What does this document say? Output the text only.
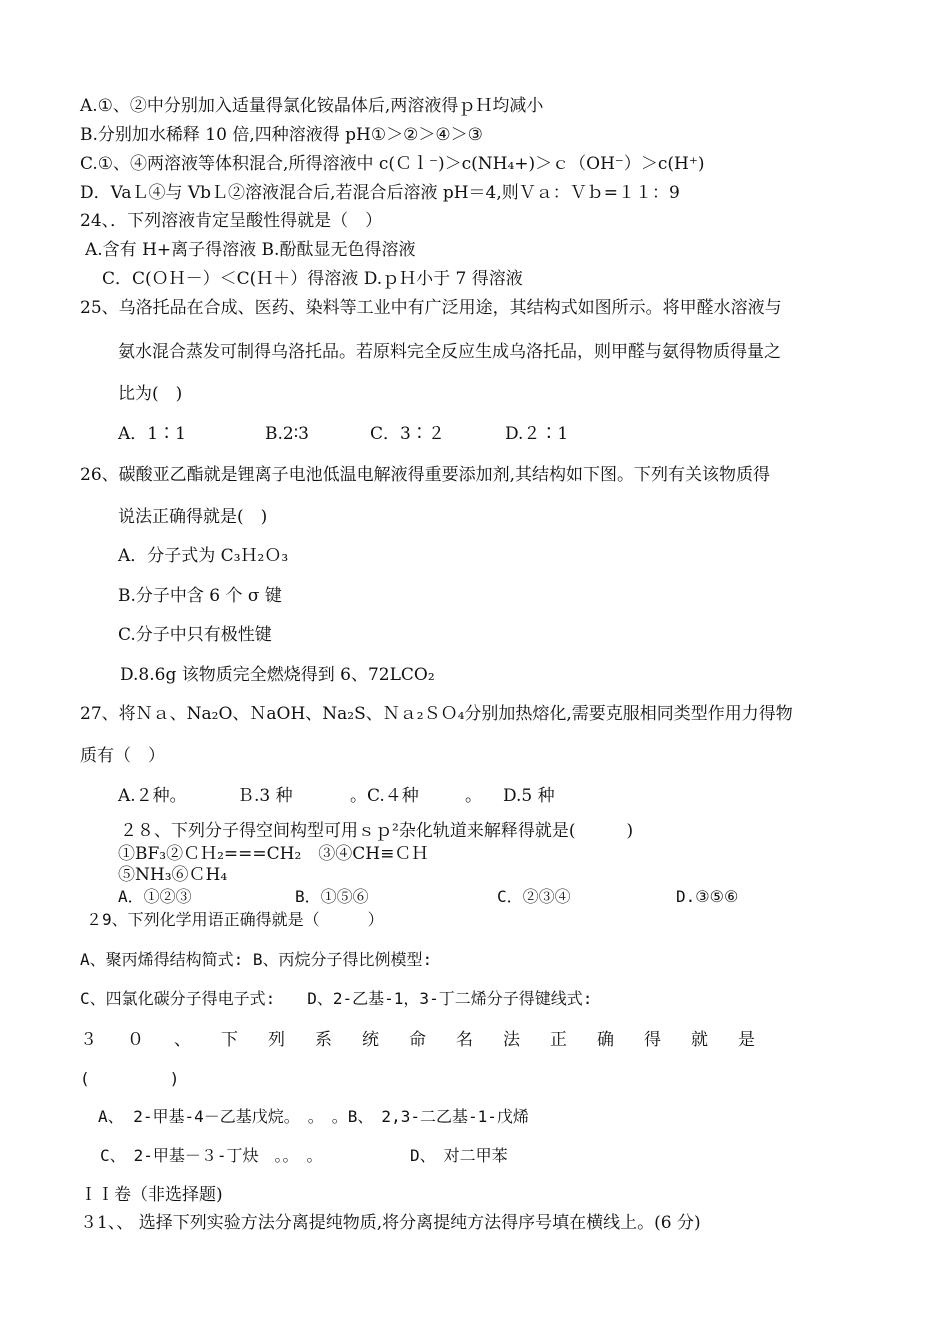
A.①、②中分别加入适量得氯化铵晶体后,两溶液得ｐＨ均减小
B.分别加水稀释 10 倍,四种溶液得 pH①＞②＞④＞③
C.①、④两溶液等体积混合,所得溶液中 c(Ｃｌ⁻)＞c(NH₄+)＞ｃ（OH⁻）＞c(H⁺)
D．VaＬ④与 VbＬ②溶液混合后,若混合后溶液 pH＝4,则Ｖａ：Ｖｂ=１１：9
24、．下列溶液肯定呈酸性得就是（　）
A.含有 H+离子得溶液 B.酚酞显无色得溶液
C．C(ＯＨ－）＜C(Ｈ＋）得溶液 D.ｐＨ小于 7 得溶液
25、乌洛托品在合成、医药、染料等工业中有广泛用途，其结构式如图所示。将甲醛水溶液与
氨水混合蒸发可制得乌洛托品。若原料完全反应生成乌洛托品，则甲醛与氨得物质得量之
比为(　)
A．1∶1	B.2∶3	C．3∶２	D.２∶1
26、碳酸亚乙酯就是锂离子电池低温电解液得重要添加剂,其结构如下图。下列有关该物质得
说法正确得就是(　)
A．分子式为 C₃Ｈ₂Ｏ₃
B.分子中含 6 个 σ 键
C.分子中只有极性键
D.8.6g 该物质完全燃烧得到 6、72LCO₂
27、将Ｎａ、Na₂O、ＮaOH、Na₂S、Ｎａ₂ＳＯ₄分别加热熔化,需要克服相同类型作用力得物
质有（　）
A.２种。	Ｂ.3 种	。C.４种	。 D.5 种
２８、下列分子得空间构型可用ｓｐ²杂化轨道来解释得就是(　　　)
①BF₃②ＣＨ₂===CH₂　③④CH≡ＣＨ
⑤NH₃⑥ＣH₄
A．①②③	B．①⑤⑥	C．②③④	D.③⑤⑥
２9、下列化学用语正确得就是（　　　）
A、聚丙烯得结构简式: B、丙烷分子得比例模型:
C、四氯化碳分子得电子式:　　D、2-乙基-1，3-丁二烯分子得键线式:
３０、下列系统命名法正确得就是
(　　　　　)
A、 2-甲基-4－乙基戊烷。　。　。B、　2,3-二乙基-1-戊烯
C、　2-甲基－３-丁炔　。。　。	D、　对二甲苯
ＩＩ卷（非选择题)
３1、、 选择下列实验方法分离提纯物质,将分离提纯方法得序号填在横线上。(6 分)
